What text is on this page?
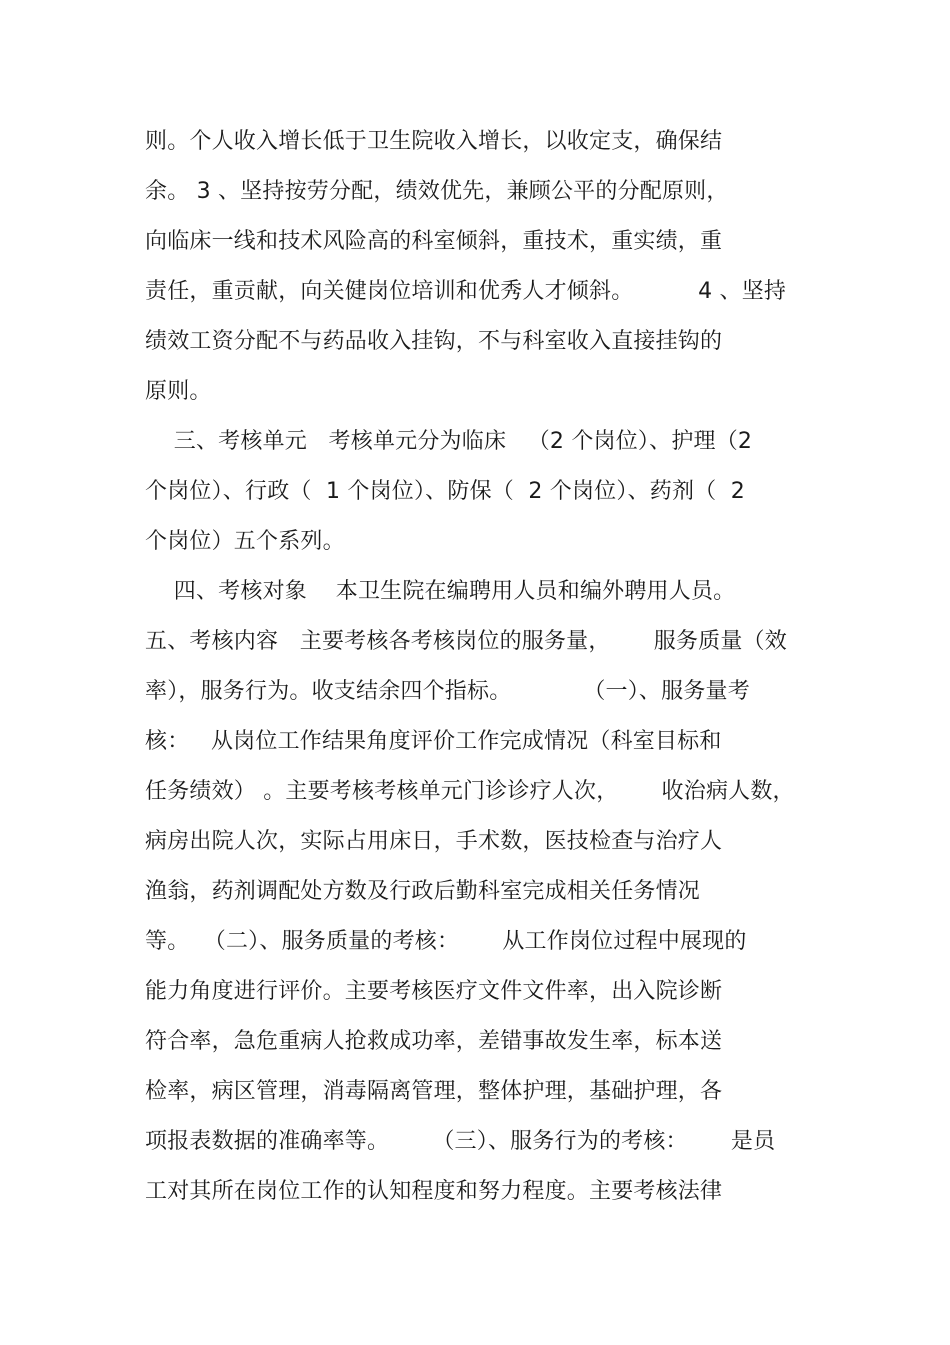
则。个人收入增长低于卫生院收入增长，以收定支，确保结
余。 3 、坚持按劳分配，绩效优先，兼顾公平的分配原则，
向临床一线和技术风险高的科室倾斜，重技术，重实绩，重
责任，重贡献，向关健岗位培训和优秀人才倾斜。         4 、坚持
绩效工资分配不与药品收入挂钩，不与科室收入直接挂钩的
原则。
三、考核单元   考核单元分为临床   （2 个岗位）、护理（2
个岗位）、行政（  1 个岗位）、防保（  2 个岗位）、药剂（  2
个岗位）五个系列。
四、考核对象    本卫生院在编聘用人员和编外聘用人员。
五、考核内容   主要考核各考核岗位的服务量，      服务质量（效
率），服务行为。收支结余四个指标。          （一）、服务量考
核：   从岗位工作结果角度评价工作完成情况（科室目标和
任务绩效） 。主要考核考核单元门诊诊疗人次，      收治病人数，
病房出院人次，实际占用床日，手术数，医技检查与治疗人
渔翁，药剂调配处方数及行政后勤科室完成相关任务情况
等。  （二）、服务质量的考核：      从工作岗位过程中展现的
能力角度进行评价。主要考核医疗文件文件率，出入院诊断
符合率，急危重病人抢救成功率，差错事故发生率，标本送
检率，病区管理，消毒隔离管理，整体护理，基础护理，各
项报表数据的准确率等。      （三）、服务行为的考核：      是员
工对其所在岗位工作的认知程度和努力程度。主要考核法律
